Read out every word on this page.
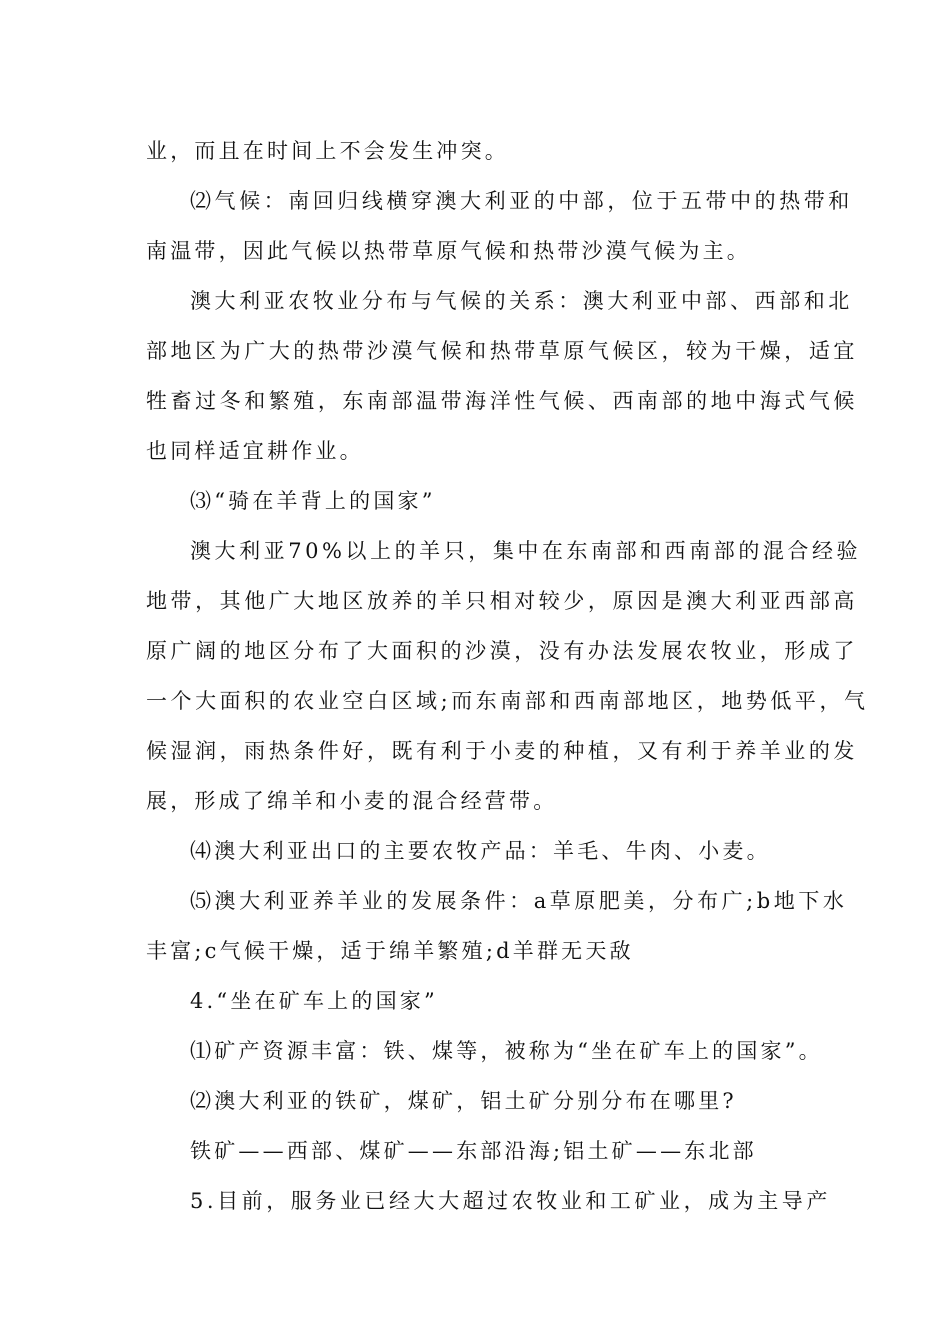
业，而且在时间上不会发生冲突。
⑵气候：南回归线横穿澳大利亚的中部，位于五带中的热带和
南温带，因此气候以热带草原气候和热带沙漠气候为主。
澳大利亚农牧业分布与气候的关系：澳大利亚中部、西部和北
部地区为广大的热带沙漠气候和热带草原气候区，较为干燥，适宜
牲畜过冬和繁殖，东南部温带海洋性气候、西南部的地中海式气候
也同样适宜耕作业。
⑶“骑在羊背上的国家”
澳大利亚70%以上的羊只，集中在东南部和西南部的混合经验
地带，其他广大地区放养的羊只相对较少，原因是澳大利亚西部高
原广阔的地区分布了大面积的沙漠，没有办法发展农牧业，形成了
一个大面积的农业空白区域;而东南部和西南部地区，地势低平，气
候湿润，雨热条件好，既有利于小麦的种植，又有利于养羊业的发
展，形成了绵羊和小麦的混合经营带。
⑷澳大利亚出口的主要农牧产品：羊毛、牛肉、小麦。
⑸澳大利亚养羊业的发展条件：a草原肥美，分布广;b地下水
丰富;c气候干燥，适于绵羊繁殖;d羊群无天敌
4.“坐在矿车上的国家”
⑴矿产资源丰富：铁、煤等，被称为“坐在矿车上的国家”。
⑵澳大利亚的铁矿，煤矿，铝土矿分别分布在哪里?
铁矿——西部、煤矿——东部沿海;铝土矿——东北部
5.目前，服务业已经大大超过农牧业和工矿业，成为主导产
